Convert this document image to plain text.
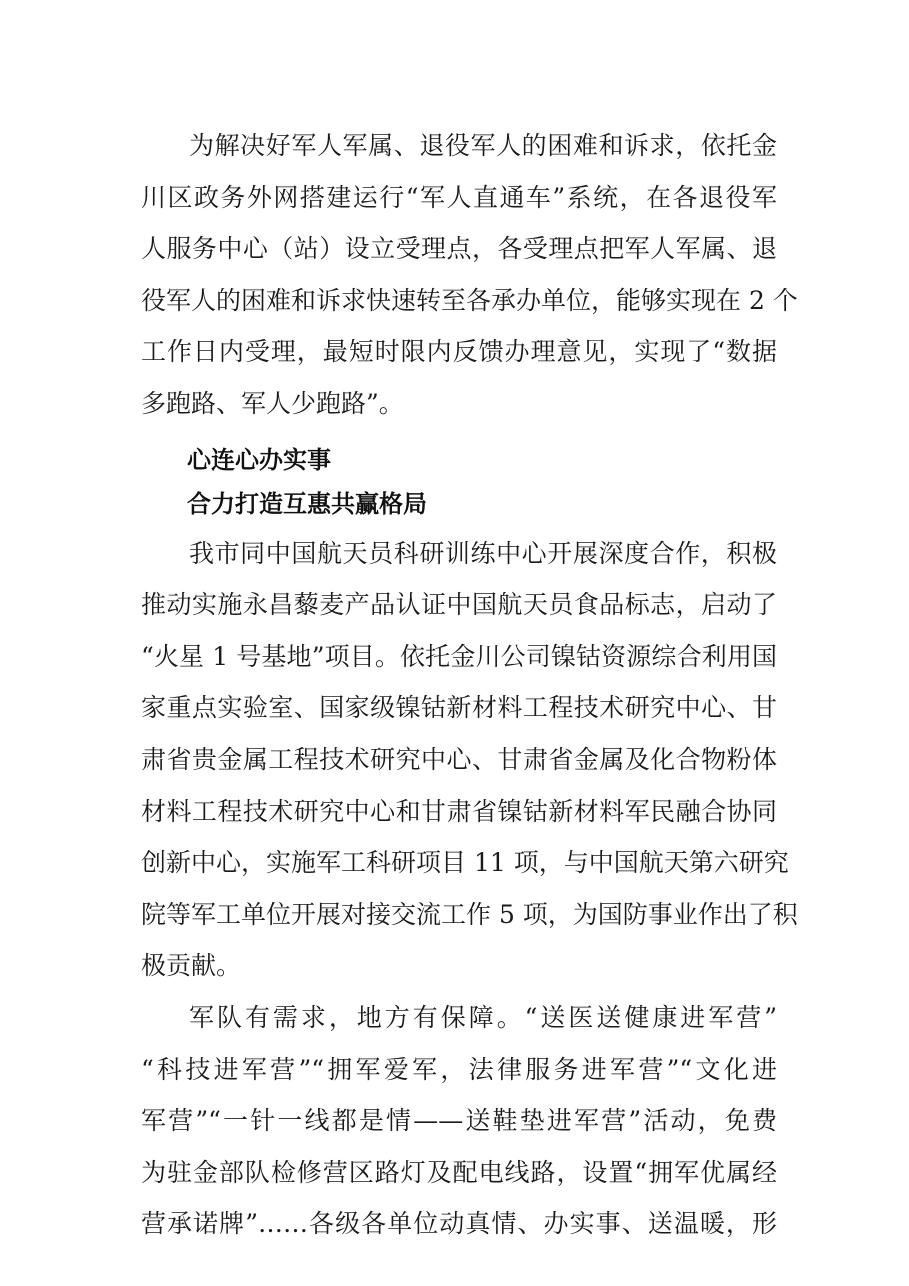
为解决好军人军属、退役军人的困难和诉求，依托金
川区政务外网搭建运行“军人直通车”系统，在各退役军
人服务中心（站）设立受理点，各受理点把军人军属、退
役军人的困难和诉求快速转至各承办单位，能够实现在 2 个
工作日内受理，最短时限内反馈办理意见，实现了“数据
多跑路、军人少跑路”。
心连心办实事
合力打造互惠共赢格局
我市同中国航天员科研训练中心开展深度合作，积极
推动实施永昌藜麦产品认证中国航天员食品标志，启动了
“火星 1 号基地”项目。依托金川公司镍钴资源综合利用国
家重点实验室、国家级镍钴新材料工程技术研究中心、甘
肃省贵金属工程技术研究中心、甘肃省金属及化合物粉体
材料工程技术研究中心和甘肃省镍钴新材料军民融合协同
创新中心，实施军工科研项目 11 项，与中国航天第六研究
院等军工单位开展对接交流工作 5 项，为国防事业作出了积
极贡献。
军队有需求，地方有保障。“送医送健康进军营”
“科技进军营”“拥军爱军，法律服务进军营”“文化进
军营”“一针一线都是情——送鞋垫进军营”活动，免费
为驻金部队检修营区路灯及配电线路，设置“拥军优属经
营承诺牌”……各级各单位动真情、办实事、送温暖，形
